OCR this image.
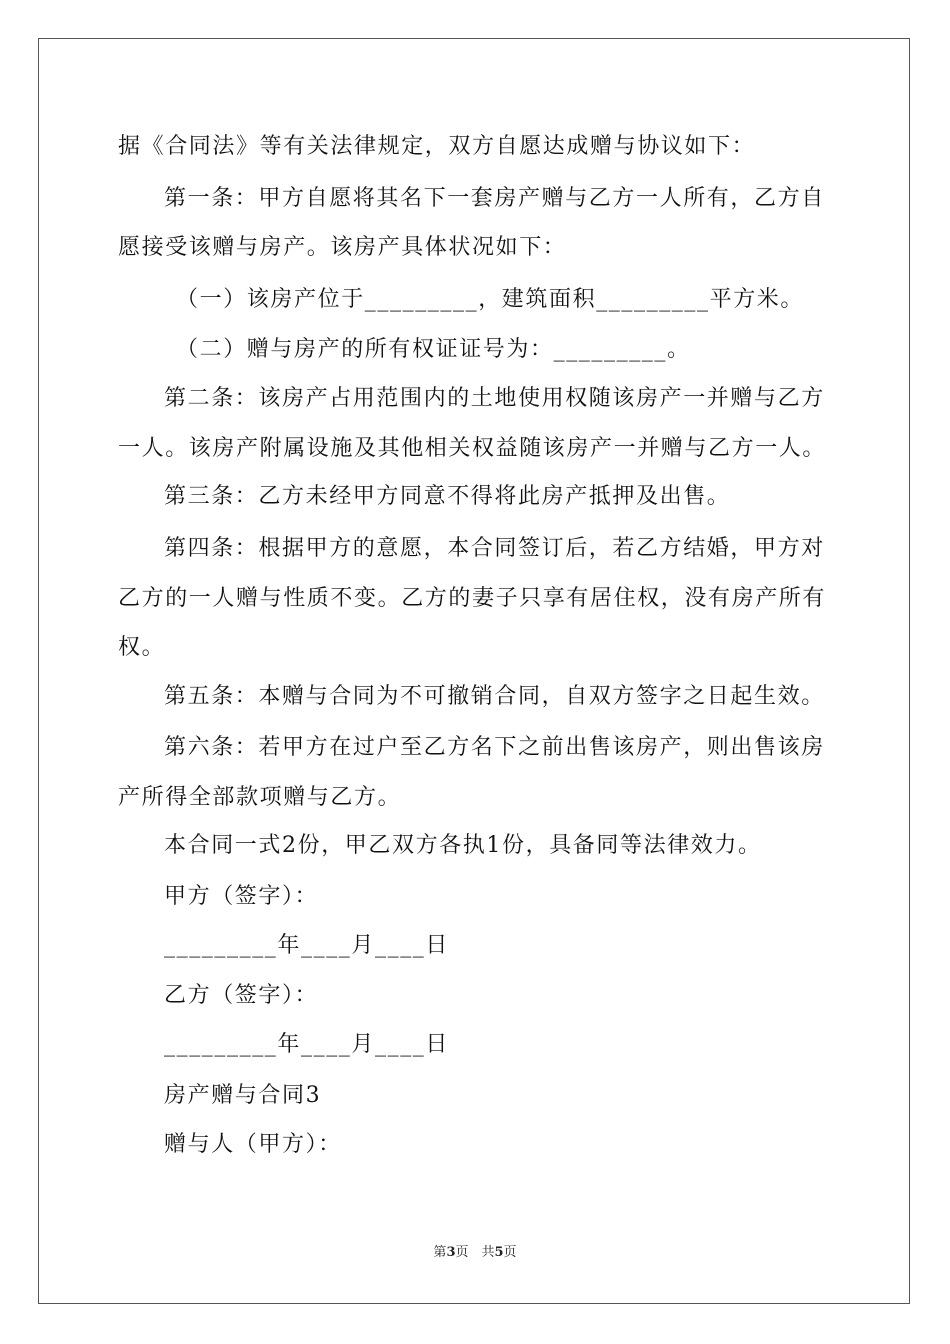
据《合同法》等有关法律规定，双方自愿达成赠与协议如下：
第一条：甲方自愿将其名下一套房产赠与乙方一人所有，乙方自
愿接受该赠与房产。该房产具体状况如下：
（一）该房产位于_________，建筑面积_________平方米。
（二）赠与房产的所有权证证号为：_________。
第二条：该房产占用范围内的土地使用权随该房产一并赠与乙方
一人。该房产附属设施及其他相关权益随该房产一并赠与乙方一人。
第三条：乙方未经甲方同意不得将此房产抵押及出售。
第四条：根据甲方的意愿，本合同签订后，若乙方结婚，甲方对
乙方的一人赠与性质不变。乙方的妻子只享有居住权，没有房产所有
权。
第五条：本赠与合同为不可撤销合同，自双方签字之日起生效。
第六条：若甲方在过户至乙方名下之前出售该房产，则出售该房
产所得全部款项赠与乙方。
本合同一式2份，甲乙双方各执1份，具备同等法律效力。
甲方（签字）：
_________年____月____日
乙方（签字）：
_________年____月____日
房产赠与合同3
赠与人（甲方）：
第3页　共5页
